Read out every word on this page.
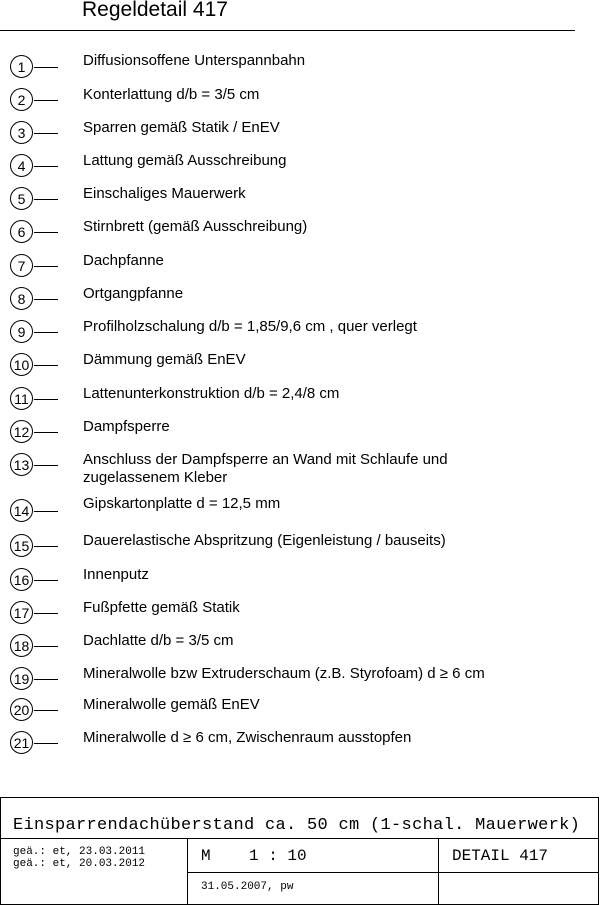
Regeldetail 417
1	Diffusionsoffene Unterspannbahn
2	Konterlattung d/b = 3/5 cm
3	Sparren gemäß Statik / EnEV
4	Lattung gemäß Ausschreibung
5	Einschaliges Mauerwerk
6	Stirnbrett (gemäß Ausschreibung)
7	Dachpfanne
8	Ortgangpfanne
9	Profilholzschalung d/b = 1,85/9,6 cm , quer verlegt
10	Dämmung gemäß EnEV
11	Lattenunterkonstruktion d/b = 2,4/8 cm
12	Dampfsperre
13	Anschluss der Dampfsperre an Wand mit Schlaufe und
zugelassenem Kleber
14	Gipskartonplatte d = 12,5 mm
15	Dauerelastische Abspritzung (Eigenleistung / bauseits)
16	Innenputz
17	Fußpfette gemäß Statik
18	Dachlatte d/b = 3/5 cm
19	Mineralwolle bzw Extruderschaum (z.B. Styrofoam) d ≥ 6 cm
20	Mineralwolle gemäß EnEV
21	Mineralwolle d ≥ 6 cm, Zwischenraum ausstopfen
Einsparrendachüberstand ca. 50 cm (1-schal. Mauerwerk)
geä.: et, 23.03.2011
geä.: et, 20.03.2012	M    1 : 10	DETAIL 417
31.05.2007, pw
